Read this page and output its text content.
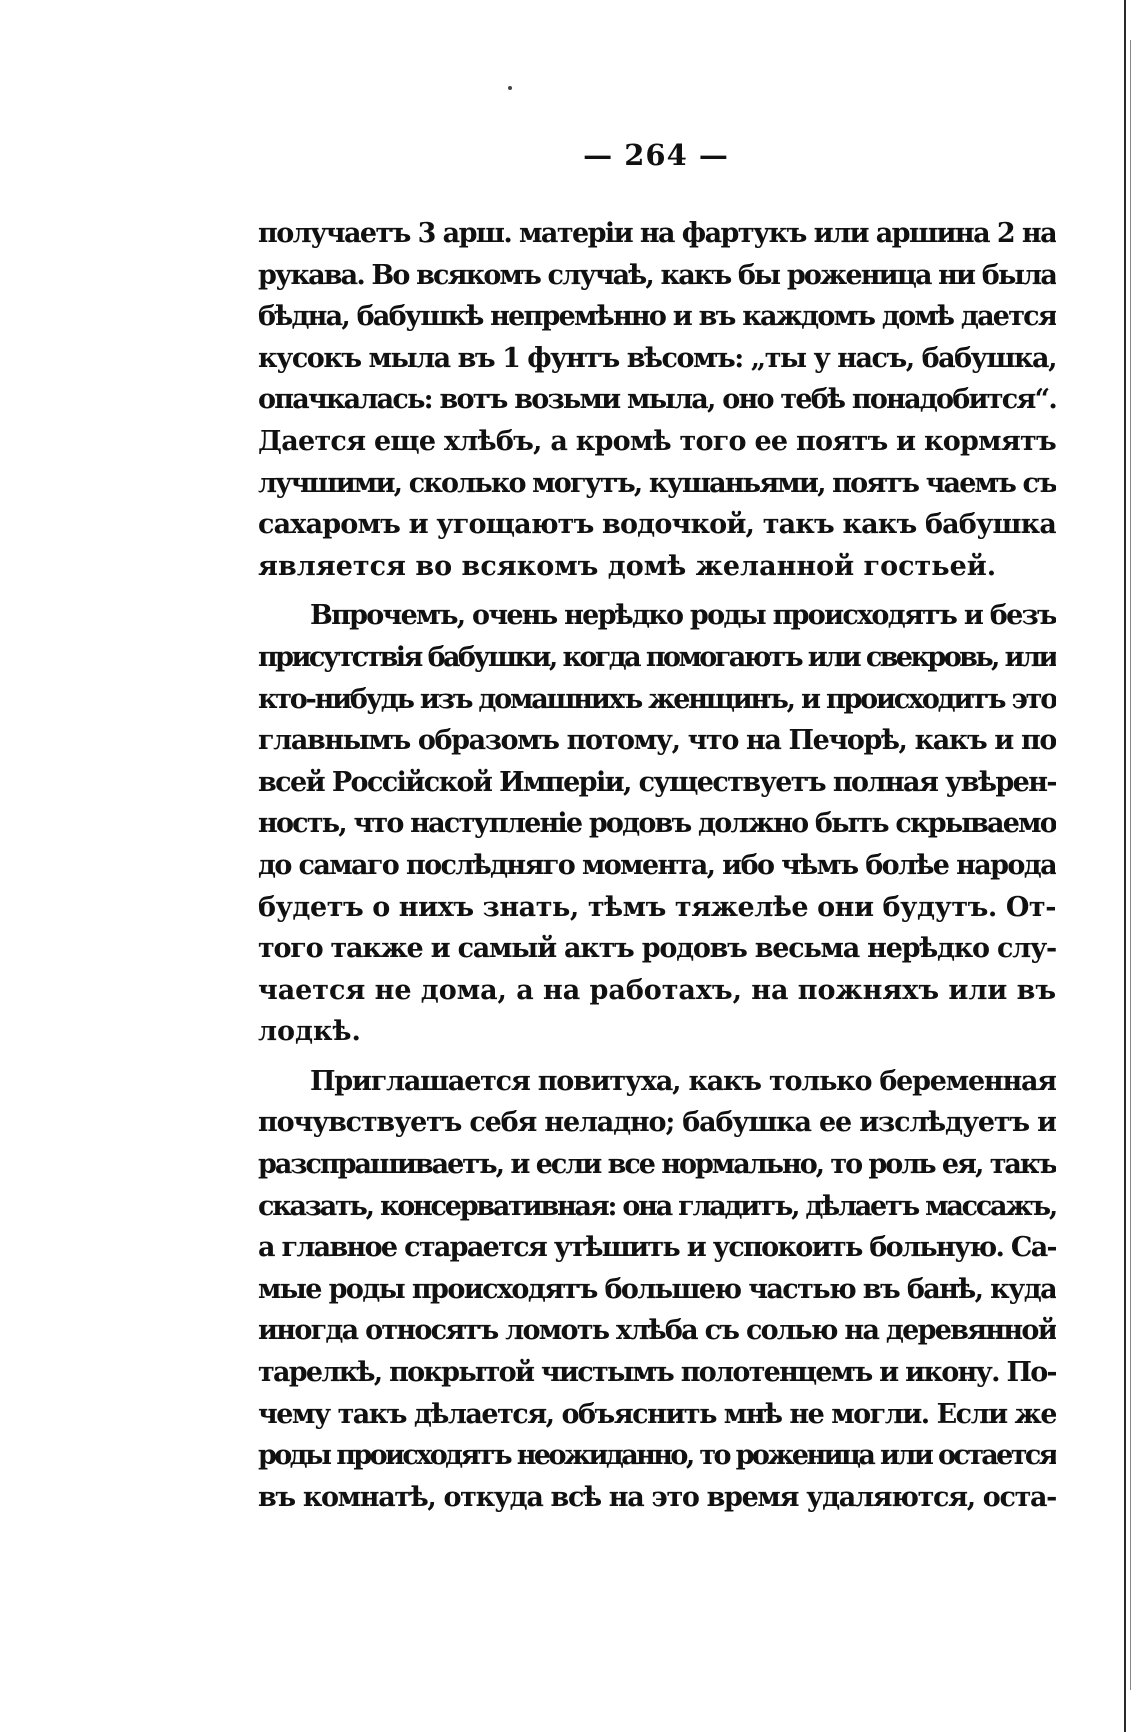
— 264 —
получаетъ 3 арш. матеріи на фартукъ или аршина 2 на
рукава. Во всякомъ случаѣ, какъ бы роженица ни была
бѣдна, бабушкѣ непремѣнно и въ каждомъ домѣ дается
кусокъ мыла въ 1 фунтъ вѣсомъ: „ты у насъ, бабушка,
опачкалась: вотъ возьми мыла, оно тебѣ понадобится“.
Дается еще хлѣбъ, а кромѣ того ее поятъ и кормятъ
лучшими, сколько могутъ, кушаньями, поятъ чаемъ съ
сахаромъ и угощаютъ водочкой, такъ какъ бабушка
является во всякомъ домѣ желанной гостьей.
Впрочемъ, очень нерѣдко роды происходятъ и безъ
присутствія бабушки, когда помогаютъ или свекровь, или
кто-нибудь изъ домашнихъ женщинъ, и происходитъ это
главнымъ образомъ потому, что на Печорѣ, какъ и по
всей Россійской Имперіи, существуетъ полная увѣрен-
ность, что наступленіе родовъ должно быть скрываемо
до самаго послѣдняго момента, ибо чѣмъ болѣе народа
будетъ о нихъ знать, тѣмъ тяжелѣе они будутъ. От-
того также и самый актъ родовъ весьма нерѣдко слу-
чается не дома, а на работахъ, на пожняхъ или въ
лодкѣ.
Приглашается повитуха, какъ только беременная
почувствуетъ себя неладно; бабушка ее изслѣдуетъ и
разспрашиваетъ, и если все нормально, то роль ея, такъ
сказать, консервативная: она гладитъ, дѣлаетъ массажъ,
а главное старается утѣшить и успокоить больную. Са-
мые роды происходятъ большею частью въ банѣ, куда
иногда относятъ ломоть хлѣба съ солью на деревянной
тарелкѣ, покрытой чистымъ полотенцемъ и икону. По-
чему такъ дѣлается, объяснить мнѣ не могли. Если же
роды происходятъ неожиданно, то роженица или остается
въ комнатѣ, откуда всѣ на это время удаляются, оста-
